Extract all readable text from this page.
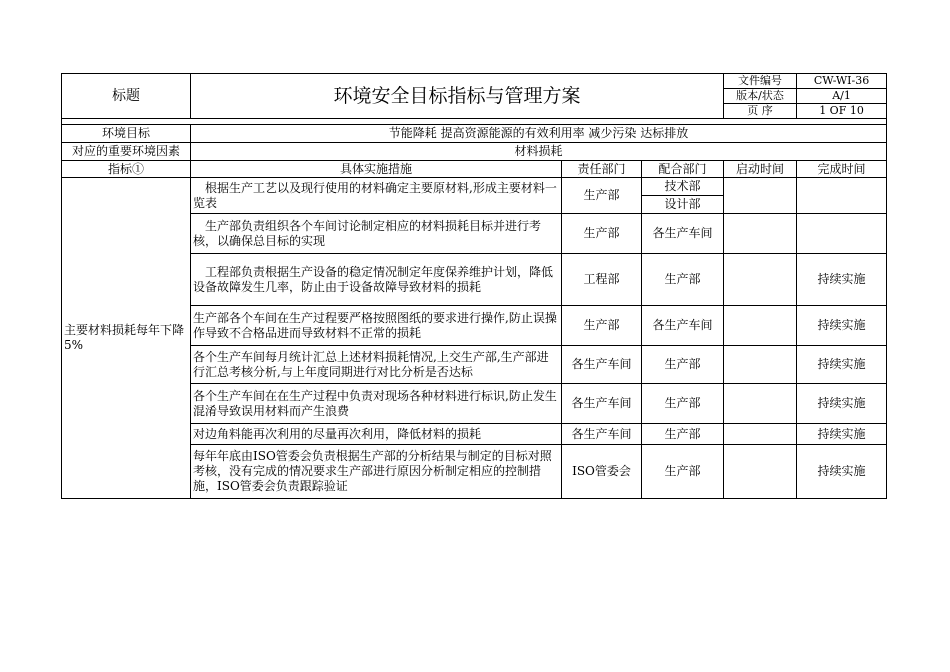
标题	环境安全目标指标与管理方案			文件编号	CW-WI-36
				版本/状态	A/1
				页 序	1 OF 10

环境目标	节能降耗 提高资源能源的有效利用率 减少污染 达标排放				
对应的重要环境因素	材料损耗				
指标①	具体实施措施	责任部门	配合部门	启动时间	完成时间
主要材料损耗每年下降5%	根据生产工艺以及现行使用的材料确定主要原材料,形成主要材料一览表	生产部	技术部		
			设计部		
	生产部负责组织各个车间讨论制定相应的材料损耗目标并进行考核，以确保总目标的实现	生产部	各生产车间		
	工程部负责根据生产设备的稳定情况制定年度保养维护计划，降低设备故障发生几率，防止由于设备故障导致材料的损耗	工程部	生产部		持续实施
	生产部各个车间在生产过程要严格按照图纸的要求进行操作,防止误操作导致不合格品进而导致材料不正常的损耗	生产部	各生产车间		持续实施
	各个生产车间每月统计汇总上述材料损耗情况,上交生产部,生产部进行汇总考核分析,与上年度同期进行对比分析是否达标	各生产车间	生产部		持续实施
	各个生产车间在在生产过程中负责对现场各种材料进行标识,防止发生混淆导致误用材料而产生浪费	各生产车间	生产部		持续实施
	对边角料能再次利用的尽量再次利用，降低材料的损耗	各生产车间	生产部		持续实施
	每年年底由ISO管委会负责根据生产部的分析结果与制定的目标对照考核，没有完成的情况要求生产部进行原因分析制定相应的控制措施，ISO管委会负责跟踪验证	ISO管委会	生产部		持续实施
